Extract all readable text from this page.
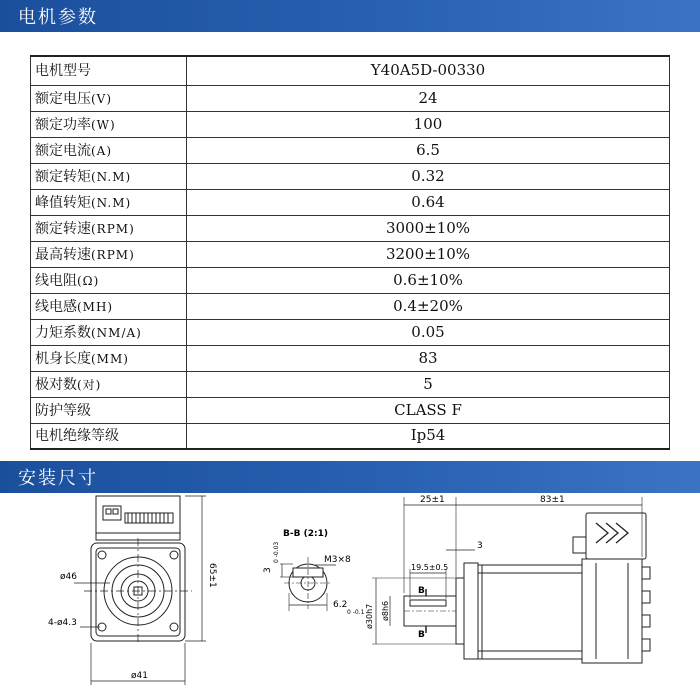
电机参数
电机型号	Y40A5D-00330
额定电压(V)	24
额定功率(W)	100
额定电流(A)	6.5
额定转矩(N.M)	0.32
峰值转矩(N.M)	0.64
额定转速(RPM)	3000±10%
最高转速(RPM)	3200±10%
线电阻(Ω)	0.6±10%
线电感(MH)	0.4±20%
力矩系数(NM/A)	0.05
机身长度(MM)	83
极对数(对)	5
防护等级	CLASS F
电机绝缘等级	Ip54
安装尺寸
65±1
ø41
ø46
4-ø4.3
B-B (2:1)
M3×8
3
0 -0.03
6.2
0 -0.1
25±1	83±1
19.5±0.5
3
ø30h7 ø8h6
B
B
